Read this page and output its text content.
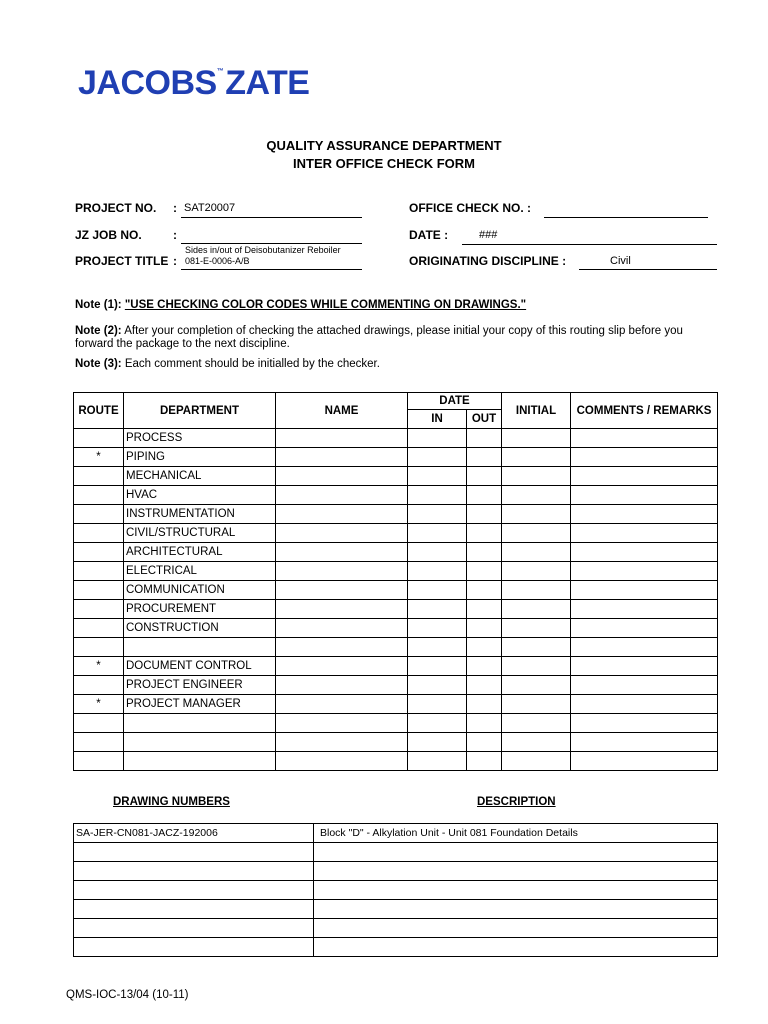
JACOBS™ZATE
QUALITY ASSURANCE DEPARTMENT
INTER OFFICE CHECK FORM
PROJECT NO. : SAT20007
JZ JOB NO.	:
PROJECT TITLE :
Sides in/out of Deisobutanizer Reboiler
081-E-0006-A/B
OFFICE CHECK NO. :
DATE :	###
ORIGINATING DISCIPLINE :	Civil
Note (1): "USE CHECKING COLOR CODES WHILE COMMENTING ON DRAWINGS."
Note (2): After your completion of checking the attached drawings, please initial your copy of this routing slip before you forward the package to the next discipline.
Note (3): Each comment should be initialled by the checker.
ROUTE	DEPARTMENT	NAME	DATE		INITIAL	COMMENTS / REMARKS
			IN	OUT		
	PROCESS					
*	PIPING					
	MECHANICAL					
	HVAC					
	INSTRUMENTATION					
	CIVIL/STRUCTURAL					
	ARCHITECTURAL					
	ELECTRICAL					
	COMMUNICATION					
	PROCUREMENT					
	CONSTRUCTION					

*	DOCUMENT CONTROL					
	PROJECT ENGINEER					
*	PROJECT MANAGER					

DRAWING NUMBERS	DESCRIPTION
SA-JER-CN081-JACZ-192006	Block "D" - Alkylation Unit - Unit 081 Foundation Details

QMS-IOC-13/04 (10-11)
